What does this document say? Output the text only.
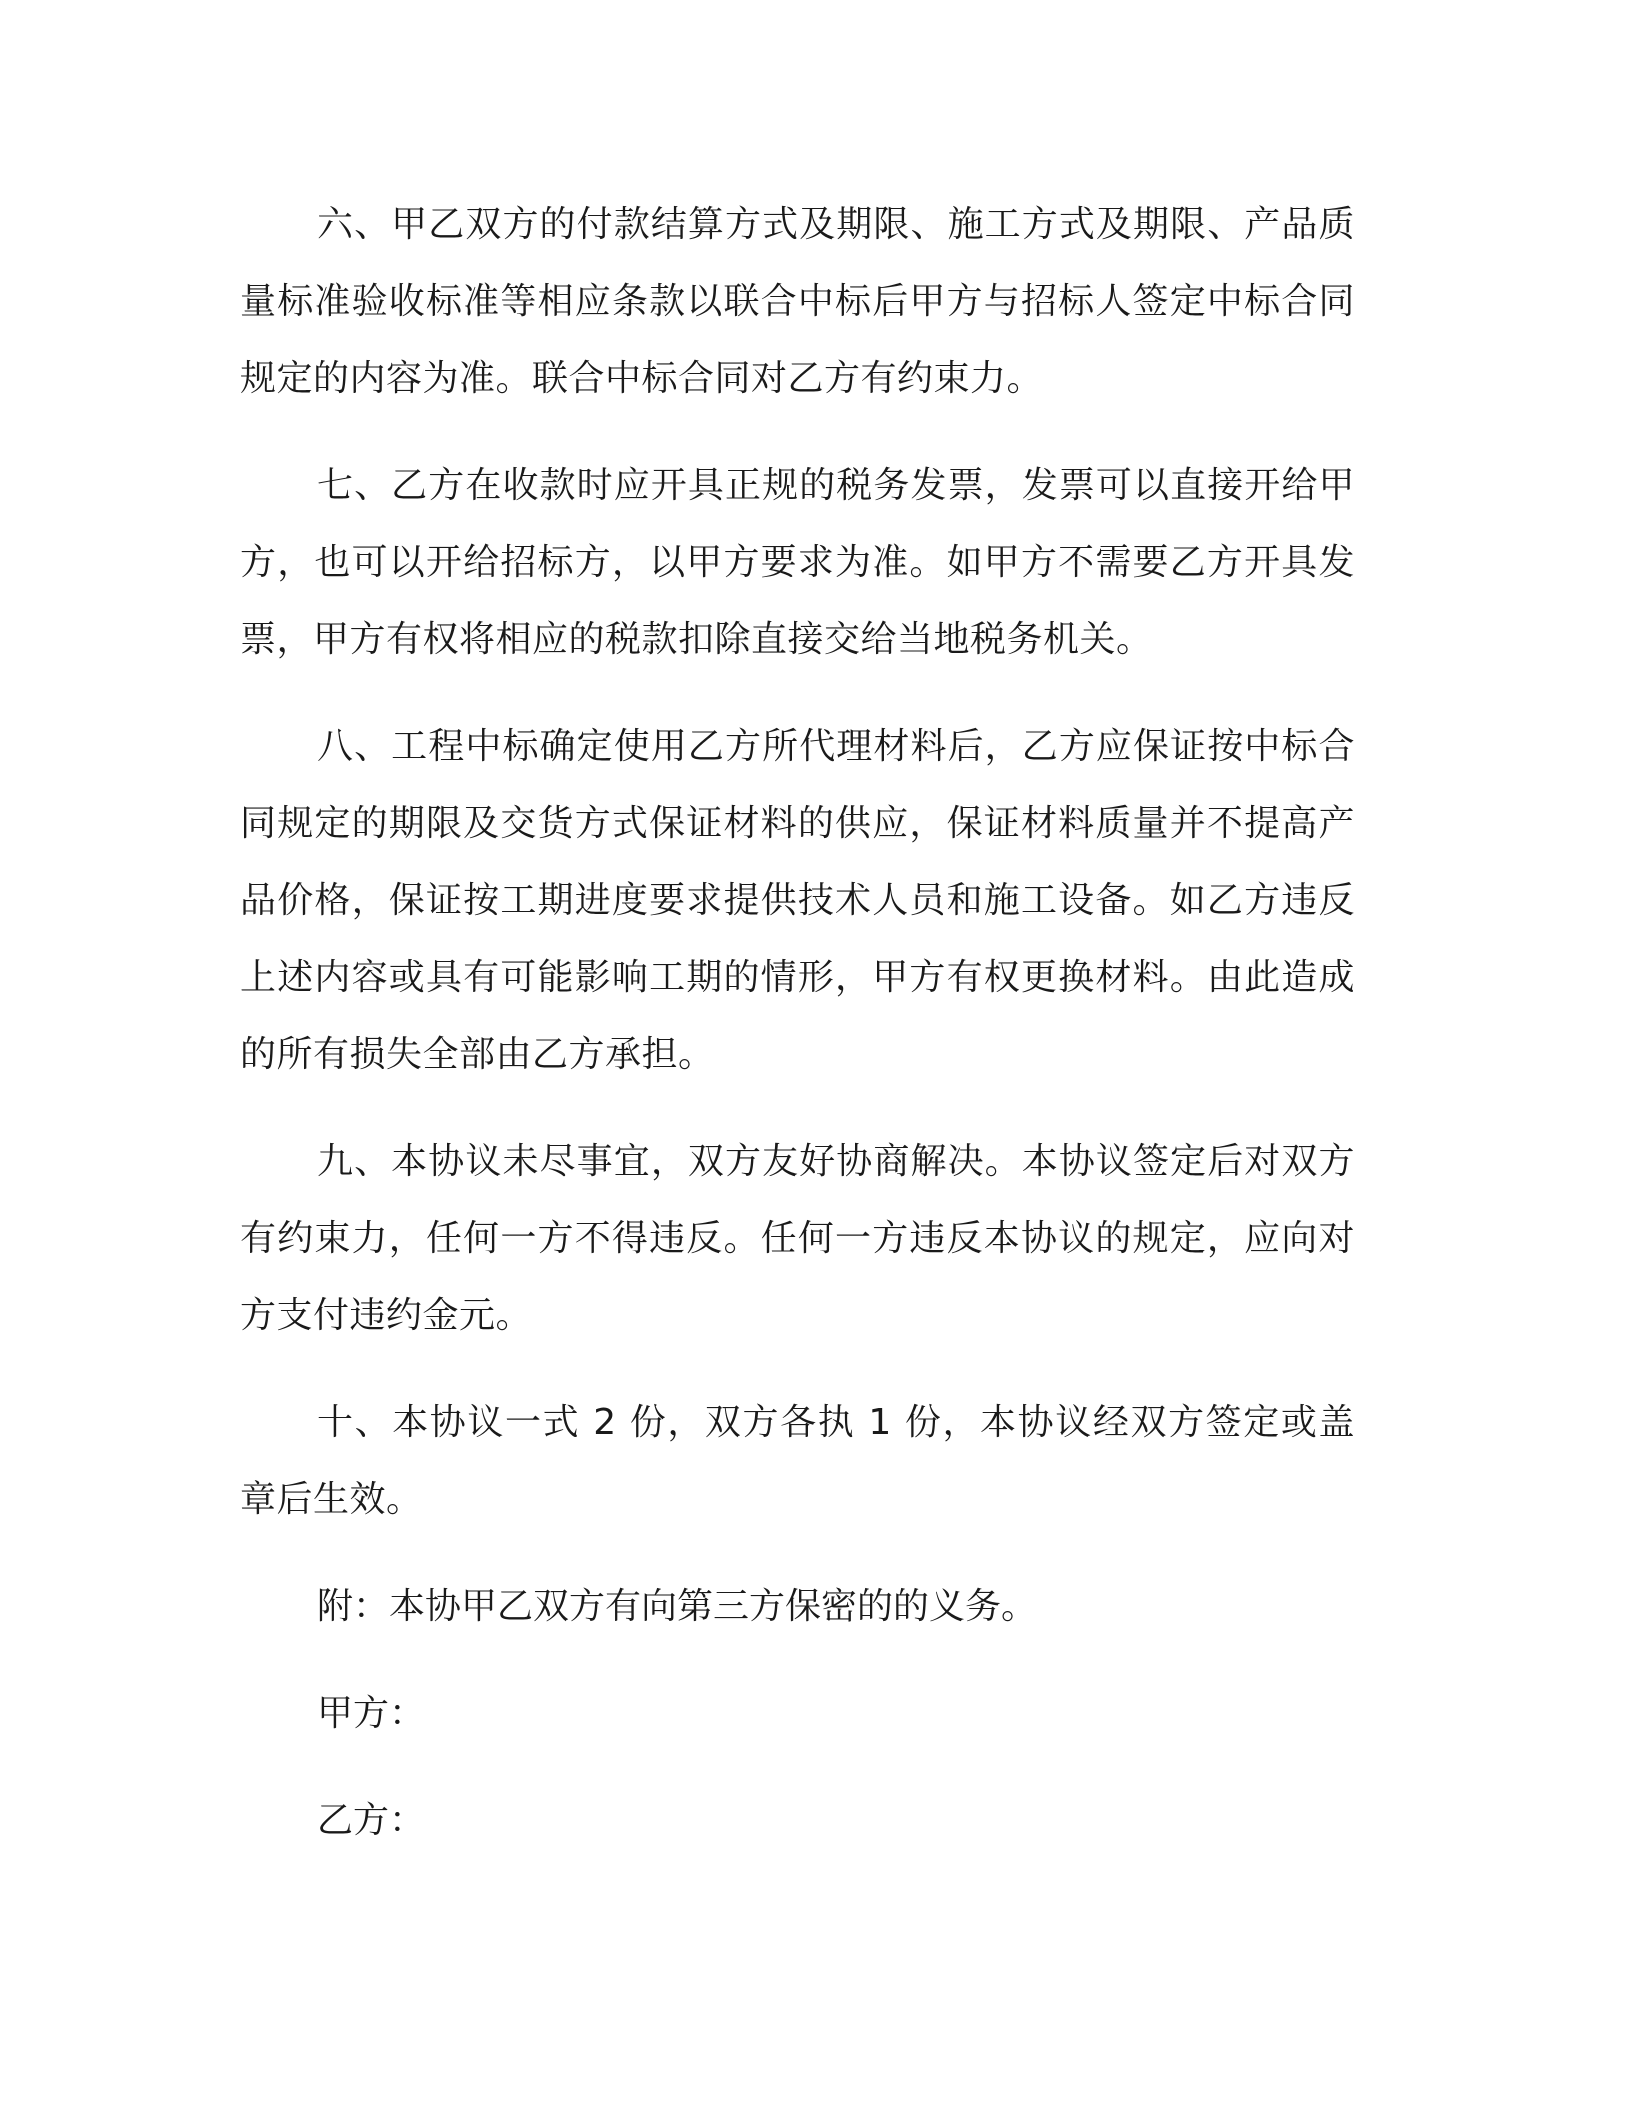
六、甲乙双方的付款结算方式及期限、施工方式及期限、产品质量标准验收标准等相应条款以联合中标后甲方与招标人签定中标合同规定的内容为准。联合中标合同对乙方有约束力。

七、乙方在收款时应开具正规的税务发票，发票可以直接开给甲方，也可以开给招标方，以甲方要求为准。如甲方不需要乙方开具发票，甲方有权将相应的税款扣除直接交给当地税务机关。

八、工程中标确定使用乙方所代理材料后，乙方应保证按中标合同规定的期限及交货方式保证材料的供应，保证材料质量并不提高产品价格，保证按工期进度要求提供技术人员和施工设备。如乙方违反上述内容或具有可能影响工期的情形，甲方有权更换材料。由此造成的所有损失全部由乙方承担。

九、本协议未尽事宜，双方友好协商解决。本协议签定后对双方有约束力，任何一方不得违反。任何一方违反本协议的规定，应向对方支付违约金元。

十、本协议一式 2 份，双方各执 1 份，本协议经双方签定或盖章后生效。

附：本协甲乙双方有向第三方保密的的义务。

甲方：

乙方：
